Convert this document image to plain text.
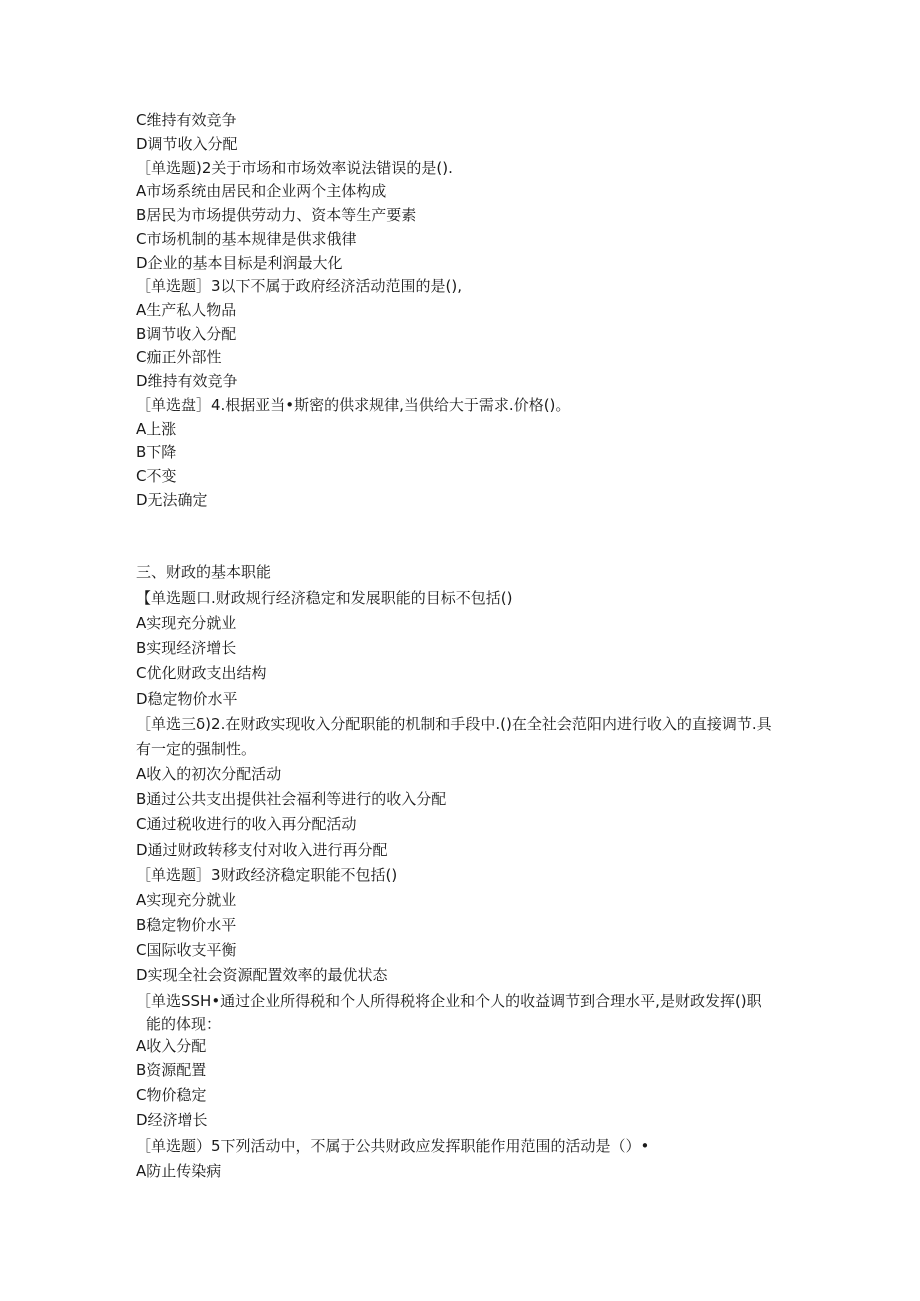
C维持有效竞争
D调节收入分配
［单选题)2关于市场和市场效率说法错误的是().
A市场系统由居民和企业两个主体构成
B居民为市场提供劳动力、资本等生产要素
C市场机制的基本规律是供求俄律
D企业的基本目标是利润最大化
［单选题］3以下不属于政府经济活动范围的是(),
A生产私人物品
B调节收入分配
C痂正外部性
D维持有效竞争
［单选盘］4.根据亚当•斯密的供求规律,当供给大于需求.价格()。
A上涨
B下降
C不变
D无法确定
三、财政的基本职能
【单选题口.财政规行经济稳定和发展职能的目标不包括()
A实现充分就业
B实现经济增长
C优化财政支出结构
D稳定物价水平
［单选三δ)2.在财政实现收入分配职能的机制和手段中.()在全社会范阳内进行收入的直接调节.具
有一定的强制性。
A收入的初次分配活动
B通过公共支出提供社会福利等进行的收入分配
C通过税收进行的收入再分配活动
D通过财政转移支付对收入进行再分配
［单选题］3财政经济稳定职能不包括()
A实现充分就业
B稳定物价水平
C国际收支平衡
D实现全社会资源配置效率的最优状态
［单选SSH•通过企业所得税和个人所得税将企业和个人的收益调节到合理水平,是财政发挥()职
能的体现：
A收入分配
B资源配置
C物价稳定
D经济增长
［单选题）5下列活动中，不属于公共财政应发挥职能作用范围的活动是（）•
A防止传染病
